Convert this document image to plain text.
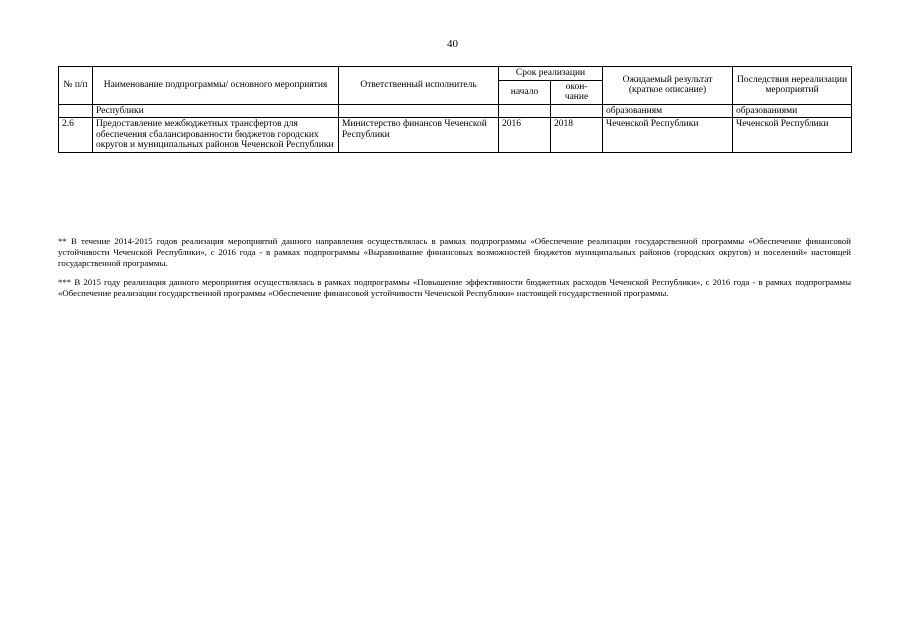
40
№ п/п	Наименование подпрограммы/ основного мероприятия	Ответственный исполнитель	Срок реализации		Ожидаемый результат (краткое описание)	Последствия нереализации мероприятий
			начало	окон-чание		
	Республики				образованиям	образованиями
2.6	Предоставление межбюджетных трансфертов для обеспечения сбалансированности бюджетов городских округов и муниципальных районов Чеченской Республики	Министерство финансов Чеченской Республики	2016	2018	Чеченской Республики	Чеченской Республики

** В течение 2014-2015 годов реализация мероприятий данного направления осуществлялась в рамках подпрограммы «Обеспечение реализации государственной программы «Обеспечение финансовой устойчивости Чеченской Республики», с 2016 года - в рамках подпрограммы «Выравнивание финансовых возможностей бюджетов муниципальных районов (городских округов) и поселений» настоящей государственной программы.

*** В 2015 году реализация данного мероприятия осуществлялась в рамках подпрограммы «Повышение эффективности бюджетных расходов Чеченской Республики», с 2016 года - в рамках подпрограммы «Обеспечение реализации государственной программы «Обеспечение финансовой устойчивости Чеченской Республики» настоящей государственной программы.
